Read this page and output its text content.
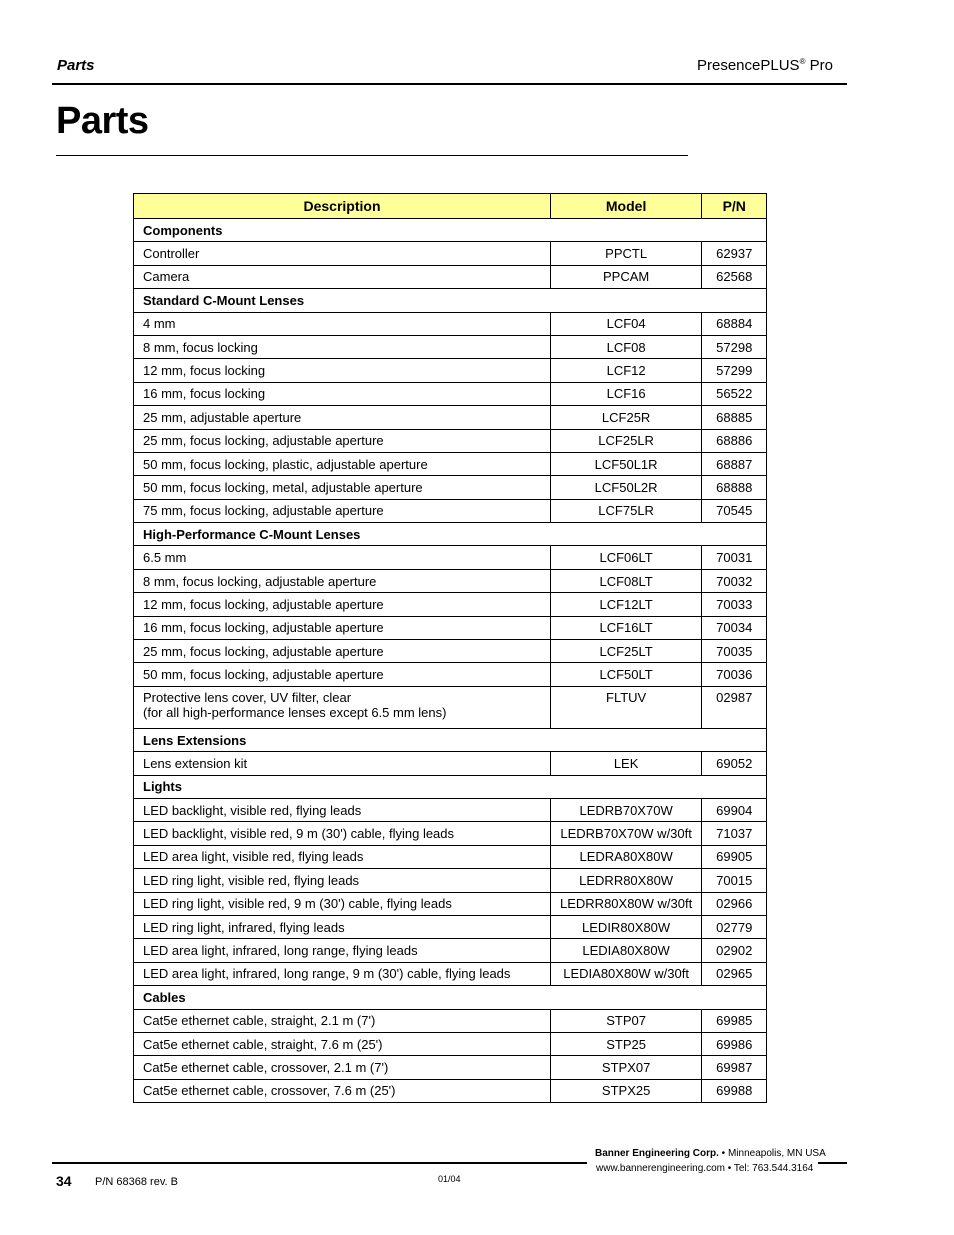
Parts	PresencePLUS® Pro
Parts
Description	Model	P/N
Components		

Controller	PPCTL	62937

Camera	PPCAM	62568
Standard C-Mount Lenses		

4 mm	LCF04	68884

8 mm, focus locking	LCF08	57298

12 mm, focus locking	LCF12	57299

16 mm, focus locking	LCF16	56522

25 mm, adjustable aperture	LCF25R	68885

25 mm, focus locking, adjustable aperture	LCF25LR	68886

50 mm, focus locking, plastic, adjustable aperture	LCF50L1R	68887

50 mm, focus locking, metal, adjustable aperture	LCF50L2R	68888

75 mm, focus locking, adjustable aperture	LCF75LR	70545
High-Performance C-Mount Lenses		

6.5 mm	LCF06LT	70031

8 mm, focus locking, adjustable aperture	LCF08LT	70032

12 mm, focus locking, adjustable aperture	LCF12LT	70033

16 mm, focus locking, adjustable aperture	LCF16LT	70034

25 mm, focus locking, adjustable aperture	LCF25LT	70035

50 mm, focus locking, adjustable aperture	LCF50LT	70036

Protective lens cover, UV filter, clear
(for all high-performance lenses except 6.5 mm lens)	FLTUV	02987
Lens Extensions		

Lens extension kit	LEK	69052
Lights		

LED backlight, visible red, flying leads	LEDRB70X70W	69904

LED backlight, visible red, 9 m (30') cable, flying leads	LEDRB70X70W w/30ft	71037

LED area light, visible red, flying leads	LEDRA80X80W	69905

LED ring light, visible red, flying leads	LEDRR80X80W	70015

LED ring light, visible red, 9 m (30') cable, flying leads	LEDRR80X80W w/30ft	02966

LED ring light, infrared, flying leads	LEDIR80X80W	02779

LED area light, infrared, long range, flying leads	LEDIA80X80W	02902

LED area light, infrared, long range, 9 m (30') cable, flying leads	LEDIA80X80W w/30ft	02965
Cables		

Cat5e ethernet cable, straight, 2.1 m (7')	STP07	69985

Cat5e ethernet cable, straight, 7.6 m (25')	STP25	69986

Cat5e ethernet cable, crossover, 2.1 m (7')	STPX07	69987

Cat5e ethernet cable, crossover, 7.6 m (25')	STPX25	69988
Banner Engineering Corp. • Minneapolis, MN USA
www.bannerengineering.com • Tel: 763.544.3164
34 P/N 68368 rev. B	01/04
